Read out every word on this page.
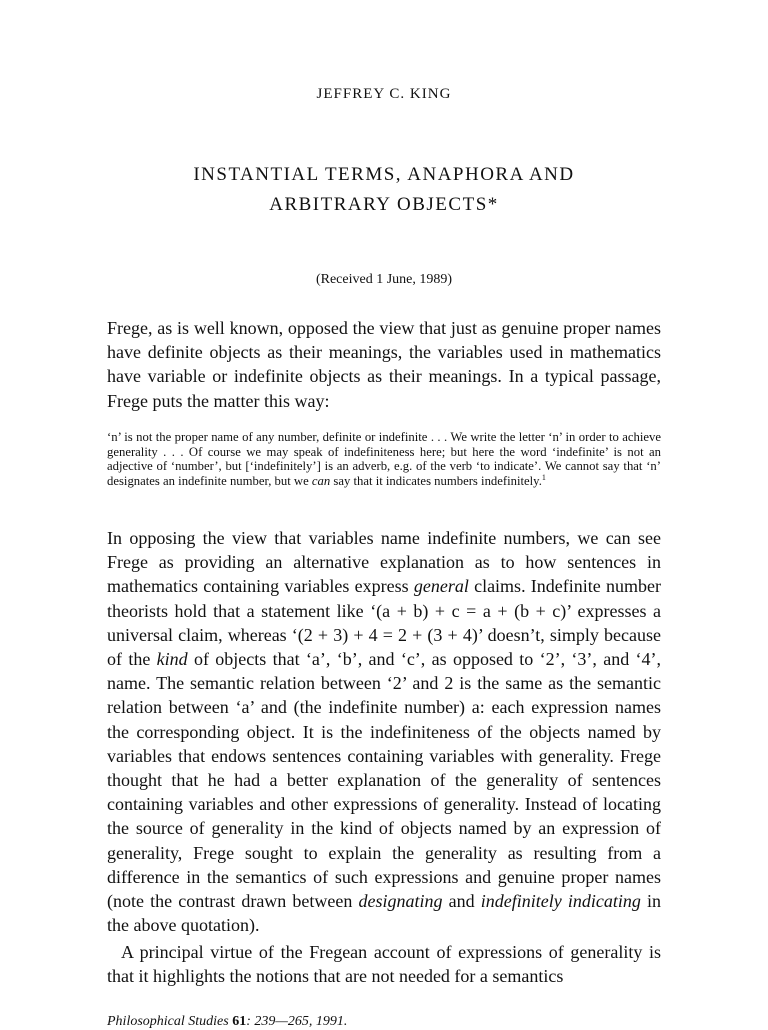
JEFFREY C. KING
INSTANTIAL TERMS, ANAPHORA AND
ARBITRARY OBJECTS*
(Received 1 June, 1989)

Frege, as is well known, opposed the view that just as genuine proper names have definite objects as their meanings, the variables used in mathematics have variable or indefinite objects as their meanings. In a typical passage, Frege puts the matter this way:

‘n’ is not the proper name of any number, definite or indefinite . . . We write the letter ‘n’ in order to achieve generality . . . Of course we may speak of indefiniteness here; but here the word ‘indefinite’ is not an adjective of ‘number’, but [‘indefinitely’] is an adverb, e.g. of the verb ‘to indicate’. We cannot say that ‘n’ designates an indefinite number, but we can say that it indicates numbers indefinitely.$^1$

In opposing the view that variables name indefinite numbers, we can see Frege as providing an alternative explanation as to how sentences in mathematics containing variables express general claims. Indefinite number theorists hold that a statement like ‘(a + b) + c = a + (b + c)’ expresses a universal claim, whereas ‘(2 + 3) + 4 = 2 + (3 + 4)’ doesn’t, simply because of the kind of objects that ‘a’, ‘b’, and ‘c’, as opposed to ‘2’, ‘3’, and ‘4’, name. The semantic relation between ‘2’ and 2 is the same as the semantic relation between ‘a’ and (the indefinite number) a: each expression names the corresponding object. It is the indefiniteness of the objects named by variables that endows sentences containing variables with generality. Frege thought that he had a better explanation of the generality of sentences containing variables and other expressions of generality. Instead of locating the source of generality in the kind of objects named by an expression of generality, Frege sought to explain the generality as resulting from a difference in the semantics of such expressions and genuine proper names (note the contrast drawn between designating and indefinitely indicating in the above quotation).

A principal virtue of the Fregean account of expressions of generality is that it highlights the notions that are not needed for a semantics

Philosophical Studies 61: 239—265, 1991.
